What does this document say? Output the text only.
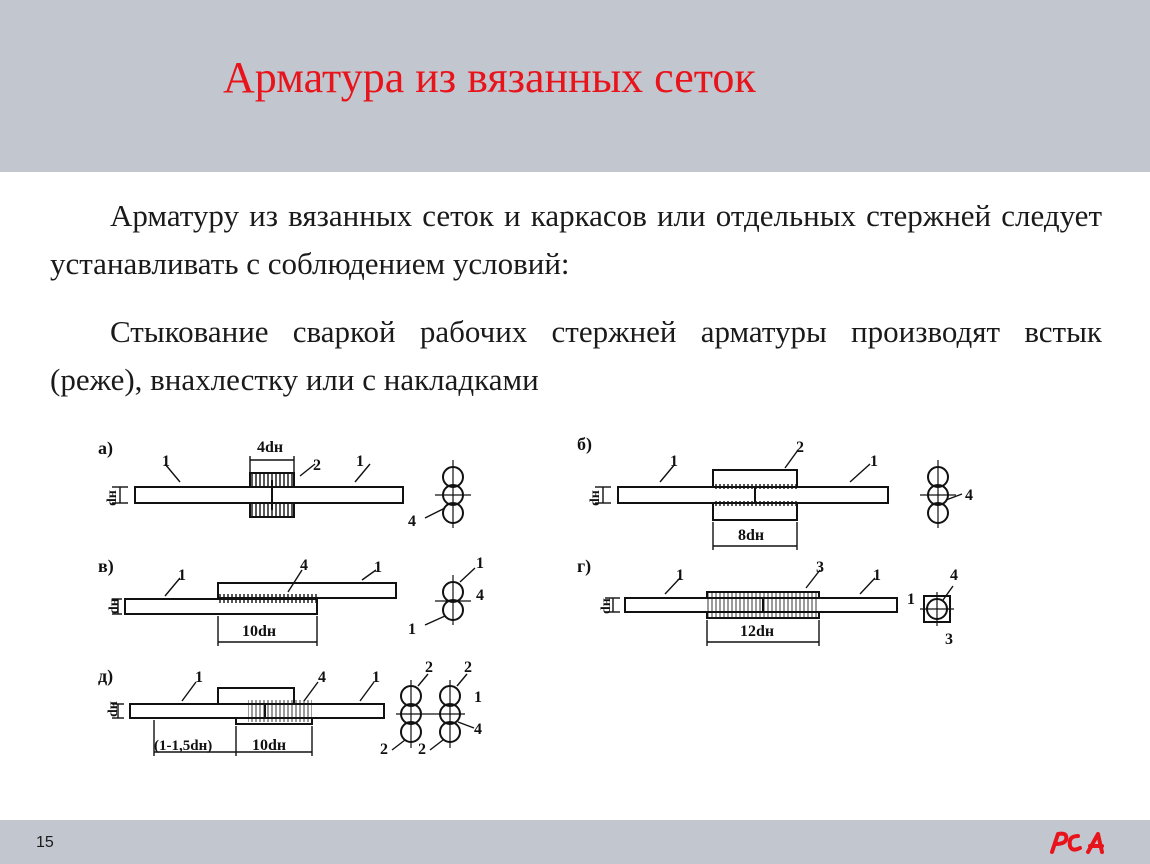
Арматура из вязанных сеток
Арматуру из вязанных сеток и каркасов или отдельных стержней следует устанавливать с соблюдением условий:
Стыкование сваркой рабочих стержней арматуры производят встык (реже), внахлестку или с накладками
а)	4dн
1	1
2
4
dн
б)
8dн
1	1
2
4
dн
в)
10dн
1
4	1	1
4
1
dн
г)
12dн
1	3	1
1
4
3
dн
д)
(1-1,5dн) 10dн
1	4	1
2 2
1
4
2 2
dн
15
